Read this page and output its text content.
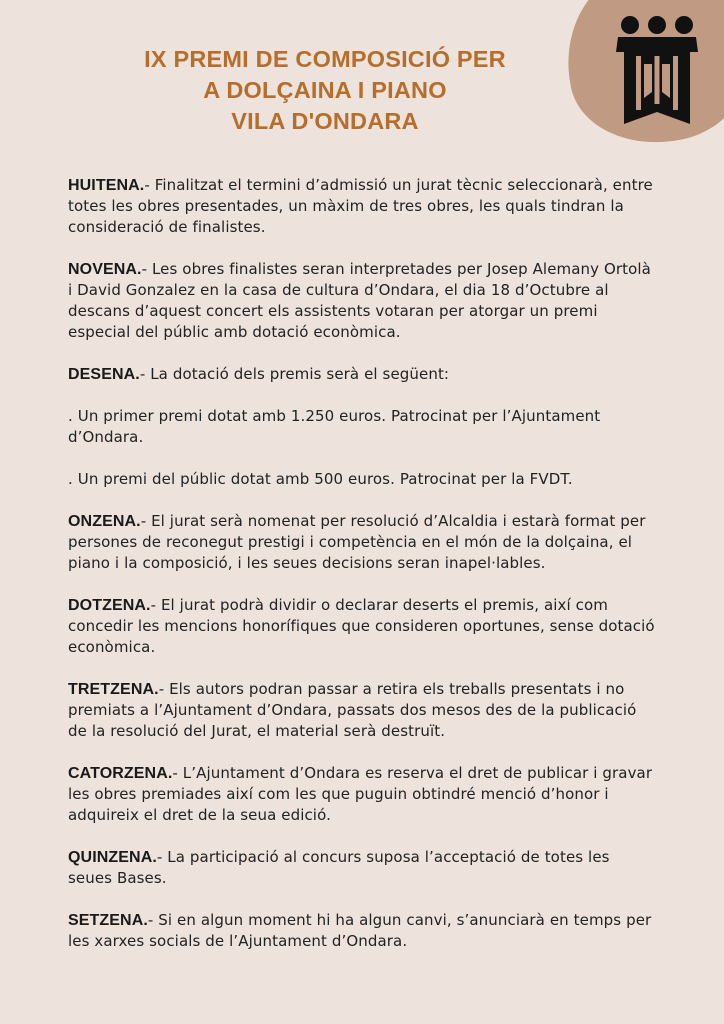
IX PREMI DE COMPOSICIÓ PER
A DOLÇAINA I PIANO
VILA D'ONDARA

HUITENA.- Finalitzat el termini d’admissió un jurat tècnic seleccionarà, entre totes les obres presentades, un màxim de tres obres, les quals tindran la consideració de finalistes.

NOVENA.- Les obres finalistes seran interpretades per Josep Alemany Ortolà i David Gonzalez en la casa de cultura d’Ondara, el dia 18 d’Octubre al descans d’aquest concert els assistents votaran per atorgar un premi especial del públic amb dotació econòmica.

DESENA.- La dotació dels premis serà el següent:

. Un primer premi dotat amb 1.250 euros. Patrocinat per l’Ajuntament d’Ondara.

. Un premi del públic dotat amb 500 euros. Patrocinat per la FVDT.

ONZENA.- El jurat serà nomenat per resolució d’Alcaldia i estarà format per persones de reconegut prestigi i competència en el món de la dolçaina, el piano i la composició, i les seues decisions seran inapel·lables.

DOTZENA.- El jurat podrà dividir o declarar deserts el premis, així com concedir les mencions honorífiques que consideren oportunes, sense dotació econòmica.

TRETZENA.- Els autors podran passar a retira els treballs presentats i no premiats a l’Ajuntament d’Ondara, passats dos mesos des de la publicació de la resolució del Jurat, el material serà destruït.

CATORZENA.- L’Ajuntament d’Ondara es reserva el dret de publicar i gravar les obres premiades així com les que puguin obtindré menció d’honor i adquireix el dret de la seua edició.

QUINZENA.- La participació al concurs suposa l’acceptació de totes les seues Bases.

SETZENA.- Si en algun moment hi ha algun canvi, s’anunciarà en temps per les xarxes socials de l’Ajuntament d’Ondara.
